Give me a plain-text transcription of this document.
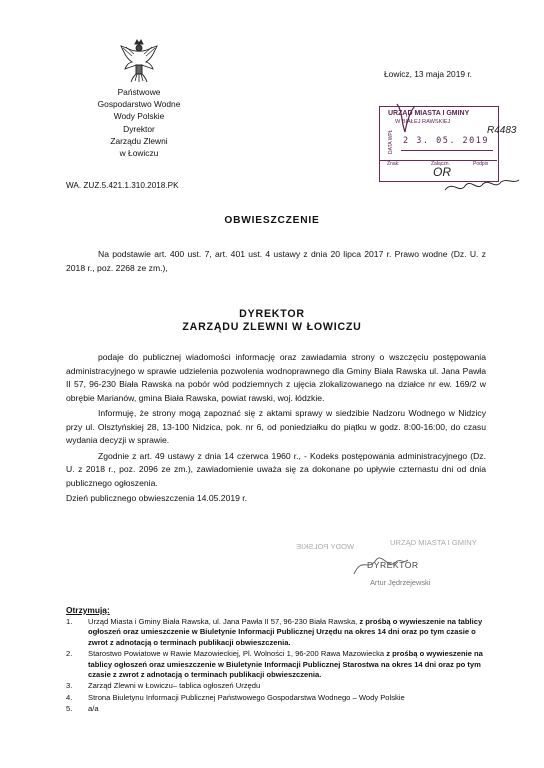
Państwowe
Gospodarstwo Wodne
Wody Polskie
Dyrektor
Zarządu Zlewni
w Łowiczu
Łowicz, 13 maja 2019 r.
WA. ZUZ.5.421.1.310.2018.PK
URZĄD MIASTA I GMINY
W BIAŁEJ RAWSKIEJ
DATA WPŁYWU 2 3. 05. 2019
Znak:	Załączn.	Podpis
OR
R4483
OBWIESZCZENIE

Na podstawie art. 400 ust. 7, art. 401 ust. 4 ustawy z dnia 20 lipca 2017 r. Prawo wodne (Dz. U. z 2018 r., poz. 2268 ze zm.),

DYREKTOR
ZARZĄDU ZLEWNI W ŁOWICZU

podaje do publicznej wiadomości informację oraz zawiadamia strony o wszczęciu postępowania administracyjnego w sprawie udzielenia pozwolenia wodnoprawnego dla Gminy Biała Rawska ul. Jana Pawła II 57, 96-230 Biała Rawska na pobór wód podziemnych z ujęcia zlokalizowanego na działce nr ew. 169/2 w obrębie Marianów, gmina Biała Rawska, powiat rawski, woj. łódzkie.

Informuję, że strony mogą zapoznać się z aktami sprawy w siedzibie Nadzoru Wodnego w Nidzicy przy ul. Olsztyńskiej 28, 13-100 Nidzica, pok. nr 6, od poniedziałku do piątku w godz. 8:00-16:00, do czasu wydania decyzji w sprawie.

Zgodnie z art. 49 ustawy z dnia 14 czerwca 1960 r., - Kodeks postępowania administracyjnego (Dz. U. z 2018 r., poz. 2096 ze zm.), zawiadomienie uważa się za dokonane po upływie czternastu dni od dnia publicznego ogłoszenia.

Dzień publicznego obwieszczenia 14.05.2019 r.

WODY POLSKIE	URZĄD MIASTA I GMINY
DYREKTOR
Artur Jędrzejewski
Otrzymują:
1. Urząd Miasta i Gminy Biała Rawska, ul. Jana Pawła II 57, 96-230 Biała Rawska, z prośbą o wywieszenie na tablicy ogłoszeń oraz umieszczenie w Biuletynie Informacji Publicznej Urzędu na okres 14 dni oraz po tym czasie o zwrot z adnotacją o terminach publikacji obwieszczenia.
2. Starostwo Powiatowe w Rawie Mazowieckiej, Pl. Wolności 1, 96-200 Rawa Mazowiecka z prośbą o wywieszenie na tablicy ogłoszeń oraz umieszczenie w Biuletynie Informacji Publicznej Starostwa na okres 14 dni oraz po tym czasie z zwrot z adnotacją o terminach publikacji obwieszczenia.
3. Zarząd Zlewni w Łowiczu– tablica ogłoszeń Urzędu
4. Strona Biuletynu Informacji Publicznej Państwowego Gospodarstwa Wodnego – Wody Polskie
5. a/a
